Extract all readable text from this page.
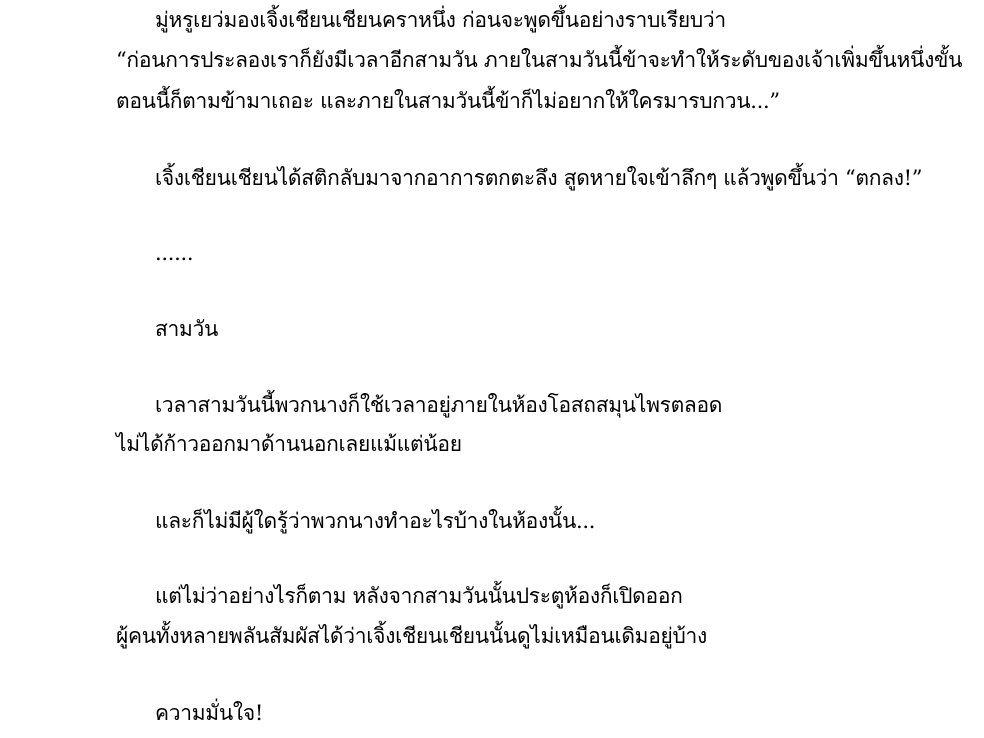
มู่หรูเยว่มองเจิ้งเชียนเชียนคราหนึ่ง ก่อนจะพูดขึ้นอย่างราบเรียบว่า
“ก่อนการประลองเราก็ยังมีเวลาอีกสามวัน ภายในสามวันนี้ข้าจะทำให้ระดับของเจ้าเพิ่มขึ้นหนึ่งขั้น
ตอนนี้ก็ตามข้ามาเถอะ และภายในสามวันนี้ข้าก็ไม่อยากให้ใครมารบกวน...”
เจิ้งเชียนเชียนได้สติกลับมาจากอาการตกตะลึง สูดหายใจเข้าลึกๆ แล้วพูดขึ้นว่า “ตกลง!”
......
สามวัน
เวลาสามวันนี้พวกนางก็ใช้เวลาอยู่ภายในห้องโอสถสมุนไพรตลอด
ไม่ได้ก้าวออกมาด้านนอกเลยแม้แต่น้อย
และก็ไม่มีผู้ใดรู้ว่าพวกนางทำอะไรบ้างในห้องนั้น...
แต่ไม่ว่าอย่างไรก็ตาม หลังจากสามวันนั้นประตูห้องก็เปิดออก
ผู้คนทั้งหลายพลันสัมผัสได้ว่าเจิ้งเชียนเชียนนั้นดูไม่เหมือนเดิมอยู่บ้าง
ความมั่นใจ!
